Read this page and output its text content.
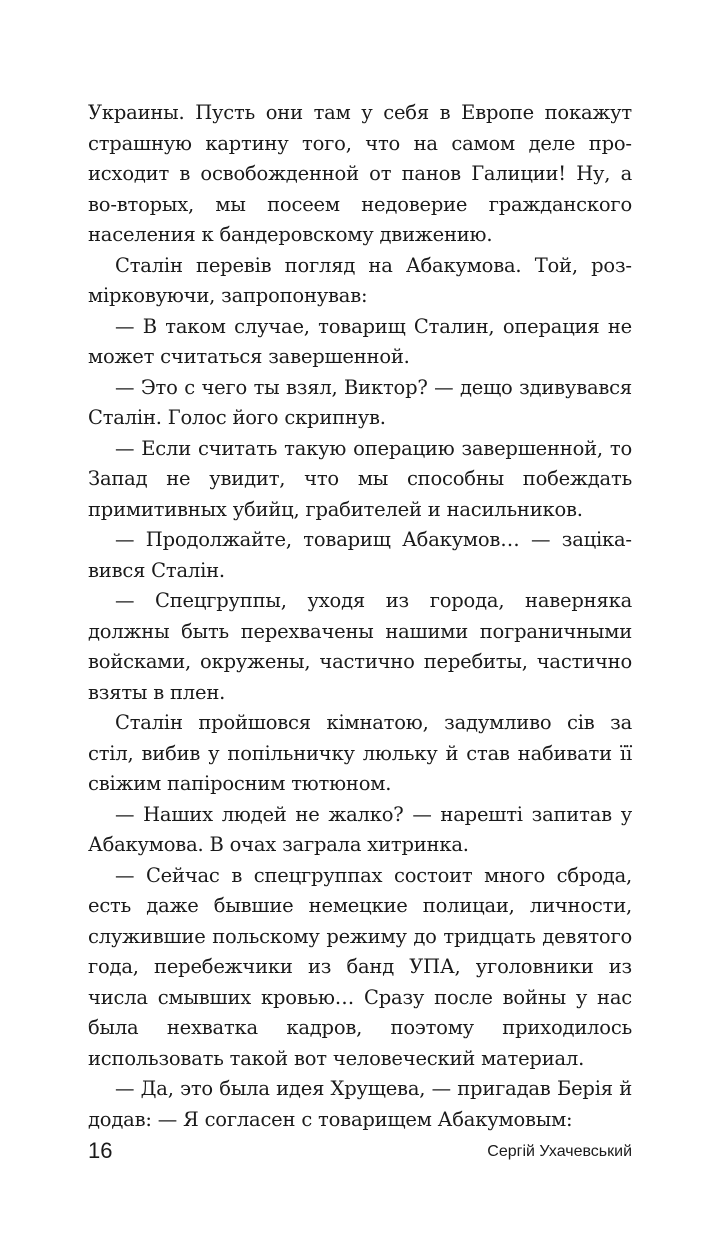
Украины. Пусть они там у себя в Европе покажут страшную картину того, что на самом деле происходит в освобожденной от панов Галиции! Ну, а во-вторых, мы посеем недоверие гражданского населения к бандеровскому движению.

Сталін перевів погляд на Абакумова. Той, розмірковуючи, запропонував:

— В таком случае, товарищ Сталин, операция не может считаться завершенной.

— Это с чего ты взял, Виктор? — дещо здивувався Сталін. Голос його скрипнув.

— Если считать такую операцию завершенной, то Запад не увидит, что мы способны побеждать примитивных убийц, грабителей и насильников.

— Продолжайте, товарищ Абакумов… — зацікавився Сталін.

— Спецгруппы, уходя из города, наверняка должны быть перехвачены нашими пограничными войсками, окружены, частично перебиты, частично взяты в плен.

Сталін пройшовся кімнатою, задумливо сів за стіл, вибив у попільничку люльку й став набивати її свіжим папіросним тютюном.

— Наших людей не жалко? — нарешті запитав у Абакумова. В очах заграла хитринка.

— Сейчас в спецгруппах состоит много сброда, есть даже бывшие немецкие полицаи, личности, служившие польскому режиму до тридцать девятого года, перебежчики из банд УПА, уголовники из числа смывших кровью… Сразу после войны у нас была нехватка кадров, поэтому приходилось использовать такой вот человеческий материал.

— Да, это была идея Хрущева, — пригадав Берія й додав: — Я согласен с товарищем Абакумовым:

16	Сергій Ухачевський
